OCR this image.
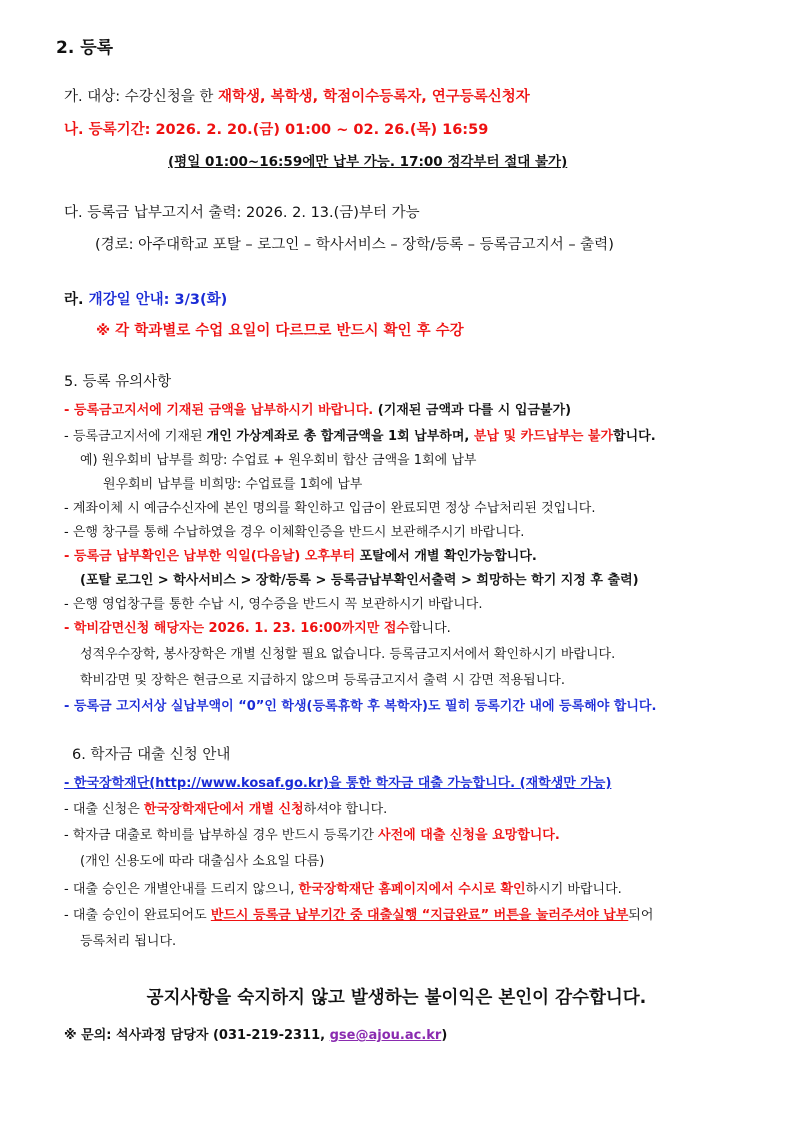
2. 등록
가. 대상: 수강신청을 한 재학생, 복학생, 학점이수등록자, 연구등록신청자
나. 등록기간: 2026. 2. 20.(금) 01:00 ~ 02. 26.(목) 16:59
(평일 01:00~16:59에만 납부 가능. 17:00 정각부터 절대 불가)
다. 등록금 납부고지서 출력: 2026. 2. 13.(금)부터 가능
(경로: 아주대학교 포탈 – 로그인 – 학사서비스 – 장학/등록 – 등록금고지서 – 출력)
라. 개강일 안내: 3/3(화)
※ 각 학과별로 수업 요일이 다르므로 반드시 확인 후 수강
5. 등록 유의사항
- 등록금고지서에 기재된 금액을 납부하시기 바랍니다. (기재된 금액과 다를 시 입금불가)
- 등록금고지서에 기재된 개인 가상계좌로 총 합계금액을 1회 납부하며, 분납 및 카드납부는 불가합니다.
예) 원우회비 납부를 희망: 수업료 + 원우회비 합산 금액을 1회에 납부
원우회비 납부를 비희망: 수업료를 1회에 납부
- 계좌이체 시 예금수신자에 본인 명의를 확인하고 입금이 완료되면 정상 수납처리된 것입니다.
- 은행 창구를 통해 수납하였을 경우 이체확인증을 반드시 보관해주시기 바랍니다.
- 등록금 납부확인은 납부한 익일(다음날) 오후부터 포탈에서 개별 확인가능합니다.
(포탈 로그인 > 학사서비스 > 장학/등록 > 등록금납부확인서출력 > 희망하는 학기 지정 후 출력)
- 은행 영업창구를 통한 수납 시, 영수증을 반드시 꼭 보관하시기 바랍니다.
- 학비감면신청 해당자는 2026. 1. 23. 16:00까지만 접수합니다.
성적우수장학, 봉사장학은 개별 신청할 필요 없습니다. 등록금고지서에서 확인하시기 바랍니다.
학비감면 및 장학은 현금으로 지급하지 않으며 등록금고지서 출력 시 감면 적용됩니다.
- 등록금 고지서상 실납부액이 “0”인 학생(등록휴학 후 복학자)도 필히 등록기간 내에 등록해야 합니다.
6. 학자금 대출 신청 안내
- 한국장학재단(http://www.kosaf.go.kr)을 통한 학자금 대출 가능합니다. (재학생만 가능)
- 대출 신청은 한국장학재단에서 개별 신청하셔야 합니다.
- 학자금 대출로 학비를 납부하실 경우 반드시 등록기간 사전에 대출 신청을 요망합니다.
(개인 신용도에 따라 대출심사 소요일 다름)
- 대출 승인은 개별안내를 드리지 않으니, 한국장학재단 홈페이지에서 수시로 확인하시기 바랍니다.
- 대출 승인이 완료되어도 반드시 등록금 납부기간 중 대출실행 “지급완료” 버튼을 눌러주셔야 납부되어
등록처리 됩니다.
공지사항을 숙지하지 않고 발생하는 불이익은 본인이 감수합니다.
※ 문의: 석사과정 담당자 (031-219-2311, gse@ajou.ac.kr)
